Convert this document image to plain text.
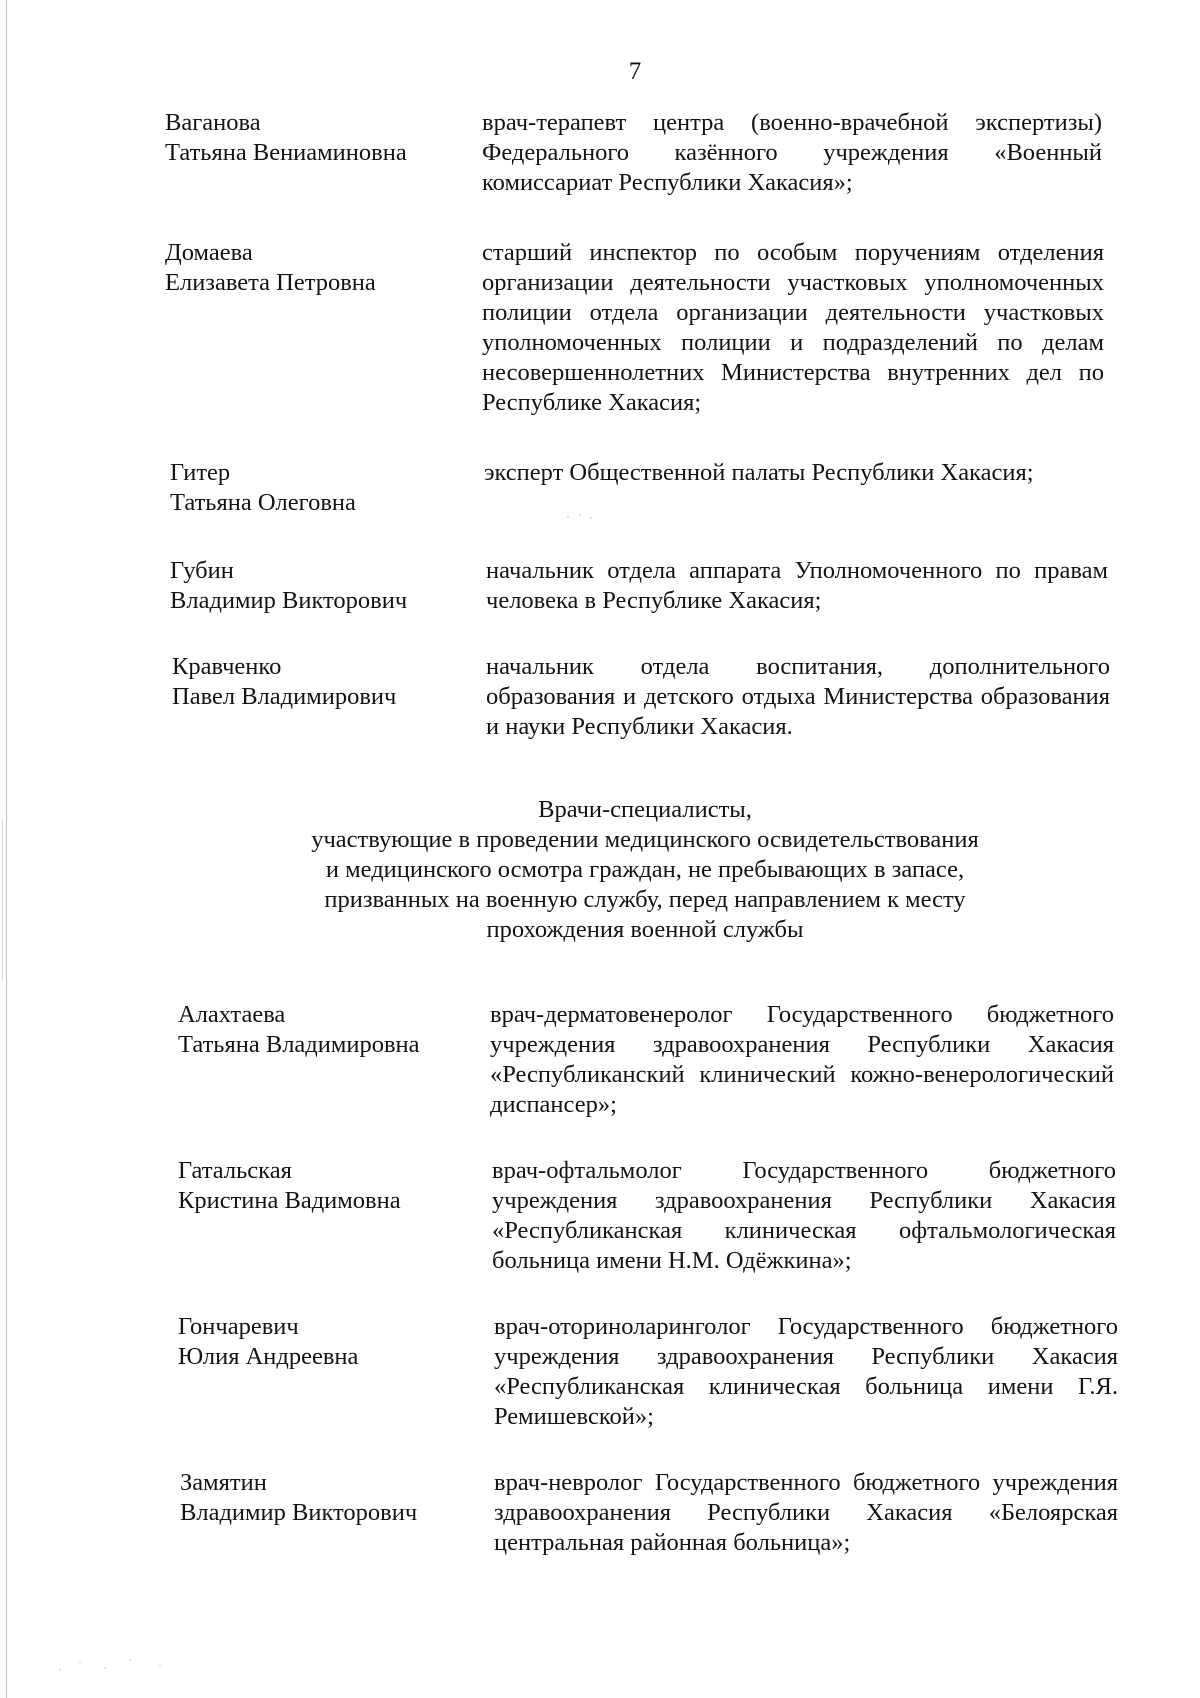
7
Ваганова
Татьяна Вениаминовна
врач-терапевт центра (военно-врачебной экспертизы) Федерального казённого учреждения «Военный комиссариат Республики Хакасия»;
Домаева
Елизавета Петровна
старший инспектор по особым поручениям отделения организации деятельности участковых уполномоченных полиции отдела организации деятельности участковых уполномоченных полиции и подразделений по делам несовершеннолетних Министерства внутренних дел по Республике Хакасия;
Гитер
Татьяна Олеговна
эксперт Общественной палаты Республики Хакасия;
Губин
Владимир Викторович
начальник отдела аппарата Уполномоченного по правам человека в Республике Хакасия;
Кравченко
Павел Владимирович
начальник отдела воспитания, дополнительного образования и детского отдыха Министерства образования и науки Республики Хакасия.
Врачи-специалисты,
участвующие в проведении медицинского освидетельствования
и медицинского осмотра граждан, не пребывающих в запасе,
призванных на военную службу, перед направлением к месту
прохождения военной службы
Алахтаева
Татьяна Владимировна
врач-дерматовенеролог Государственного бюджетного учреждения здравоохранения Республики Хакасия «Республиканский клинический кожно-венерологический диспансер»;
Гатальская
Кристина Вадимовна
врач-офтальмолог Государственного бюджетного учреждения здравоохранения Республики Хакасия «Республиканская клиническая офтальмологическая больница имени Н.М. Одёжкина»;
Гончаревич
Юлия Андреевна
врач-оториноларинголог Государственного бюджетного учреждения здравоохранения Республики Хакасия «Республиканская клиническая больница имени Г.Я. Ремишевской»;
Замятин
Владимир Викторович
врач-невролог Государственного бюджетного учреждения здравоохранения Республики Хакасия «Белоярская центральная районная больница»;
